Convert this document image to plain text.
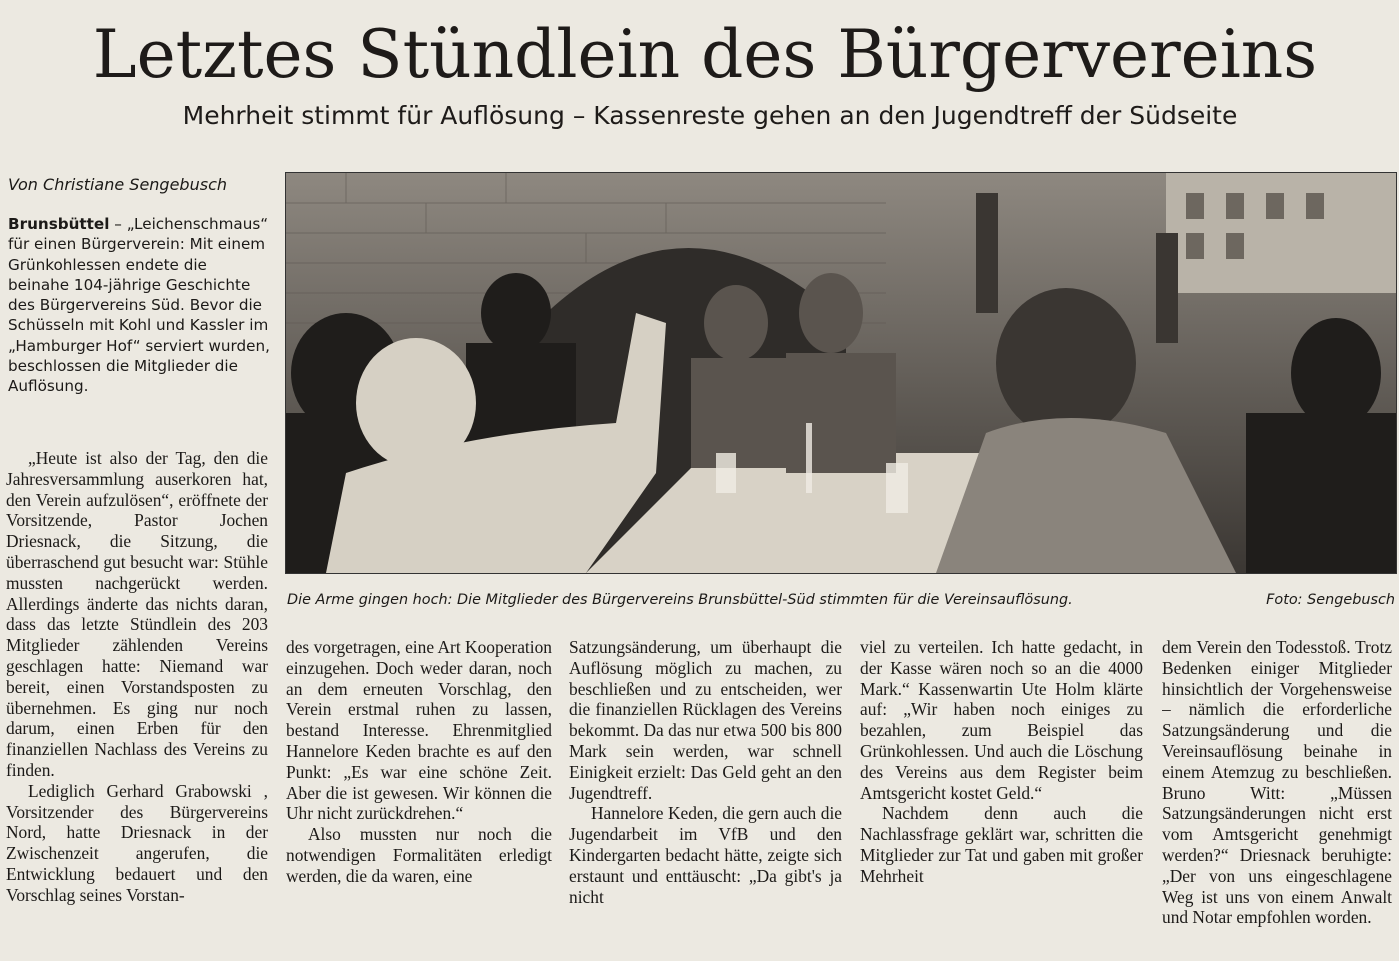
Letztes Stündlein des Bürgervereins
Mehrheit stimmt für Auflösung – Kassenreste gehen an den Jugendtreff der Südseite
Von Christiane Sengebusch
Brunsbüttel – „Leichenschmaus“ für einen Bürgerverein: Mit einem Grünkohlessen endete die beinahe 104-jährige Geschichte des Bürgervereins Süd. Bevor die Schüsseln mit Kohl und Kassler im „Hamburger Hof“ serviert wurden, beschlossen die Mitglieder die Auflösung.
Die Arme gingen hoch: Die Mitglieder des Bürgervereins Brunsbüttel-Süd stimmten für die Vereinsauflösung.	Foto: Sengebusch

„Heute ist also der Tag, den die Jahresversammlung auserkoren hat, den Verein aufzulösen“, eröffnete der Vorsitzende, Pastor Jochen Driesnack, die Sitzung, die überraschend gut besucht war: Stühle mussten nachgerückt werden. Allerdings änderte das nichts daran, dass das letzte Stündlein des 203 Mitglieder zählenden Vereins geschlagen hatte: Niemand war bereit, einen Vorstandsposten zu übernehmen. Es ging nur noch darum, einen Erben für den finanziellen Nachlass des Vereins zu finden.

Lediglich Gerhard Grabowski , Vorsitzender des Bürgervereins Nord, hatte Driesnack in der Zwischenzeit angerufen, die Entwicklung bedauert und den Vorschlag seines Vorstan-

des vorgetragen, eine Art Kooperation einzugehen. Doch weder daran, noch an dem erneuten Vorschlag, den Verein erstmal ruhen zu lassen, bestand Interesse. Ehrenmitglied Hannelore Keden brachte es auf den Punkt: „Es war eine schöne Zeit. Aber die ist gewesen. Wir können die Uhr nicht zurückdrehen.“

Also mussten nur noch die notwendigen Formalitäten erledigt werden, die da waren, eine

Satzungsänderung, um überhaupt die Auflösung möglich zu machen, zu beschließen und zu entscheiden, wer die finanziellen Rücklagen des Vereins bekommt. Da das nur etwa 500 bis 800 Mark sein werden, war schnell Einigkeit erzielt: Das Geld geht an den Jugendtreff.

Hannelore Keden, die gern auch die Jugendarbeit im VfB und den Kindergarten bedacht hätte, zeigte sich erstaunt und enttäuscht: „Da gibt's ja nicht

viel zu verteilen. Ich hatte gedacht, in der Kasse wären noch so an die 4000 Mark.“ Kassenwartin Ute Holm klärte auf: „Wir haben noch einiges zu bezahlen, zum Beispiel das Grünkohlessen. Und auch die Löschung des Vereins aus dem Register beim Amtsgericht kostet Geld.“

Nachdem denn auch die Nachlassfrage geklärt war, schritten die Mitglieder zur Tat und gaben mit großer Mehrheit

dem Verein den Todesstoß. Trotz Bedenken einiger Mitglieder hinsichtlich der Vorgehensweise – nämlich die erforderliche Satzungsänderung und die Vereinsauflösung beinahe in einem Atemzug zu beschließen. Bruno Witt: „Müssen Satzungsänderungen nicht erst vom Amtsgericht genehmigt werden?“ Driesnack beruhigte: „Der von uns eingeschlagene Weg ist uns von einem Anwalt und Notar empfohlen worden.
